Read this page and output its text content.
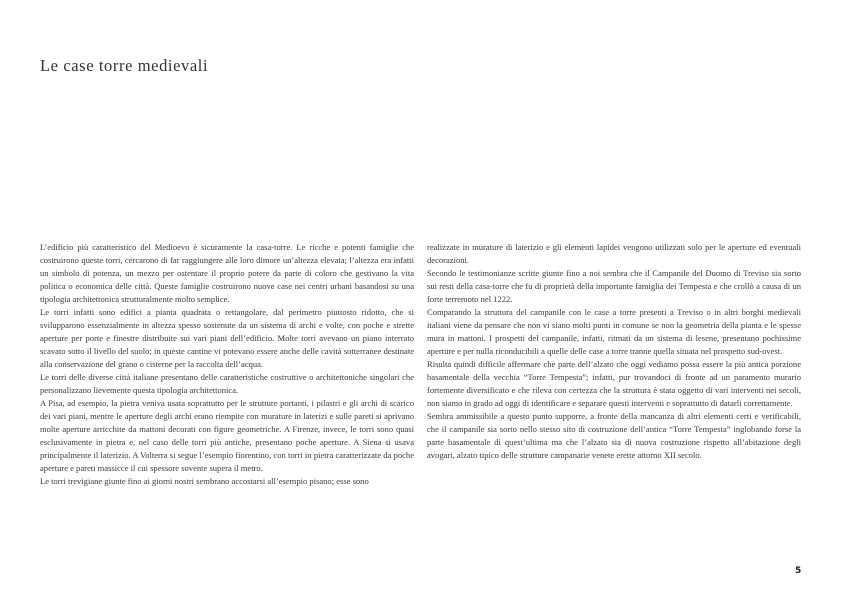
Le case torre medievali

L’edificio più caratteristico del Medioevo è sicuramente la casa-torre. Le ricche e potenti famiglie che costruirono queste torri, cercarono di far raggiungere alle loro dimore un’altezza elevata; l’altezza era infatti un simbolo di potenza, un mezzo per ostentare il proprio potere da parte di coloro che gestivano la vita politica o economica delle città. Queste famiglie costruirono nuove case nei centri urbani basandosi su una tipologia architettonica strutturalmente molto semplice.

Le torri infatti sono edifici a pianta quadrata o rettangolare, dal perimetro piuttosto ridotto, che si svilupparono essenzialmente in altezza spesso sostenute da un sistema di archi e volte, con poche e strette aperture per porte e finestre distribuite sui vari piani dell’edificio. Molte torri avevano un piano interrato scavato sotto il livello del suolo; in queste cantine vi potevano essere anche delle cavità sotterranee destinate alla conservazione del grano o cisterne per la raccolta dell’acqua.

Le torri delle diverse città italiane presentano delle caratteristiche costruttive o architettoniche singolari che personalizzano lievemente questa tipologia architettonica.

A Pisa, ad esempio, la pietra veniva usata soprattutto per le strutture portanti, i pilastri e gli archi di scarico dei vari piani, mentre le aperture degli archi erano riempite con murature in laterizi e sulle pareti si aprivano molte aperture arricchite da mattoni decorati con figure geometriche. A Firenze, invece, le torri sono quasi esclusivamente in pietra e, nel caso delle torri più antiche, presentano poche aperture. A Siena si usava principalmente il laterizio. A Volterra si segue l’esempio fiorentino, con torri in pietra caratterizzate da poche aperture e pareti massicce il cui spessore sovente supera il metro.

Le torri trevigiane giunte fino ai giorni nostri sembrano accostarsi all’esempio pisano; esse sono

realizzate in murature di laterizio e gli elementi lapidei vengono utilizzati solo per le aperture ed eventuali decorazioni.

Secondo le testimonianze scritte giunte fino a noi sembra che il Campanile del Duomo di Treviso sia sorto sui resti della casa-torre che fu di proprietà della importante famiglia dei Tempesta e che crollò a causa di un forte terremoto nel 1222.

Comparando la struttura del campanile con le case a torre presenti a Treviso o in altri borghi medievali italiani viene da pensare che non vi siano molti punti in comune se non la geometria della pianta e le spesse mura in mattoni. I prospetti del campanile, infatti, ritmati da un sistema di lesene, presentano pochissime aperture e per nulla riconducibili a quelle delle case a torre tranne quella situata nel prospetto sud-ovest.

Risulta quindi difficile affermare che parte dell’alzato che oggi vediamo possa essere la più antica porzione basamentale della vecchia “Torre Tempesta”; infatti, pur trovandoci di fronte ad un paramento murario fortemente diversificato e che rileva con certezza che la struttura è stata oggetto di vari interventi nei secoli, non siamo in grado ad oggi di identificare e separare questi interventi e soprattutto di datarli correttamente.

Sembra ammissibile a questo punto supporre, a fronte della mancanza di altri elementi certi e verificabili, che il campanile sia sorto nello stesso sito di costruzione dell’antica “Torre Tempesta” inglobando forse la parte basamentale di quest’ultima ma che l’alzato sia di nuova costruzione rispetto all’abitazione degli avogari, alzato tipico delle strutture campanarie venete erette attorno XII secolo.

5
